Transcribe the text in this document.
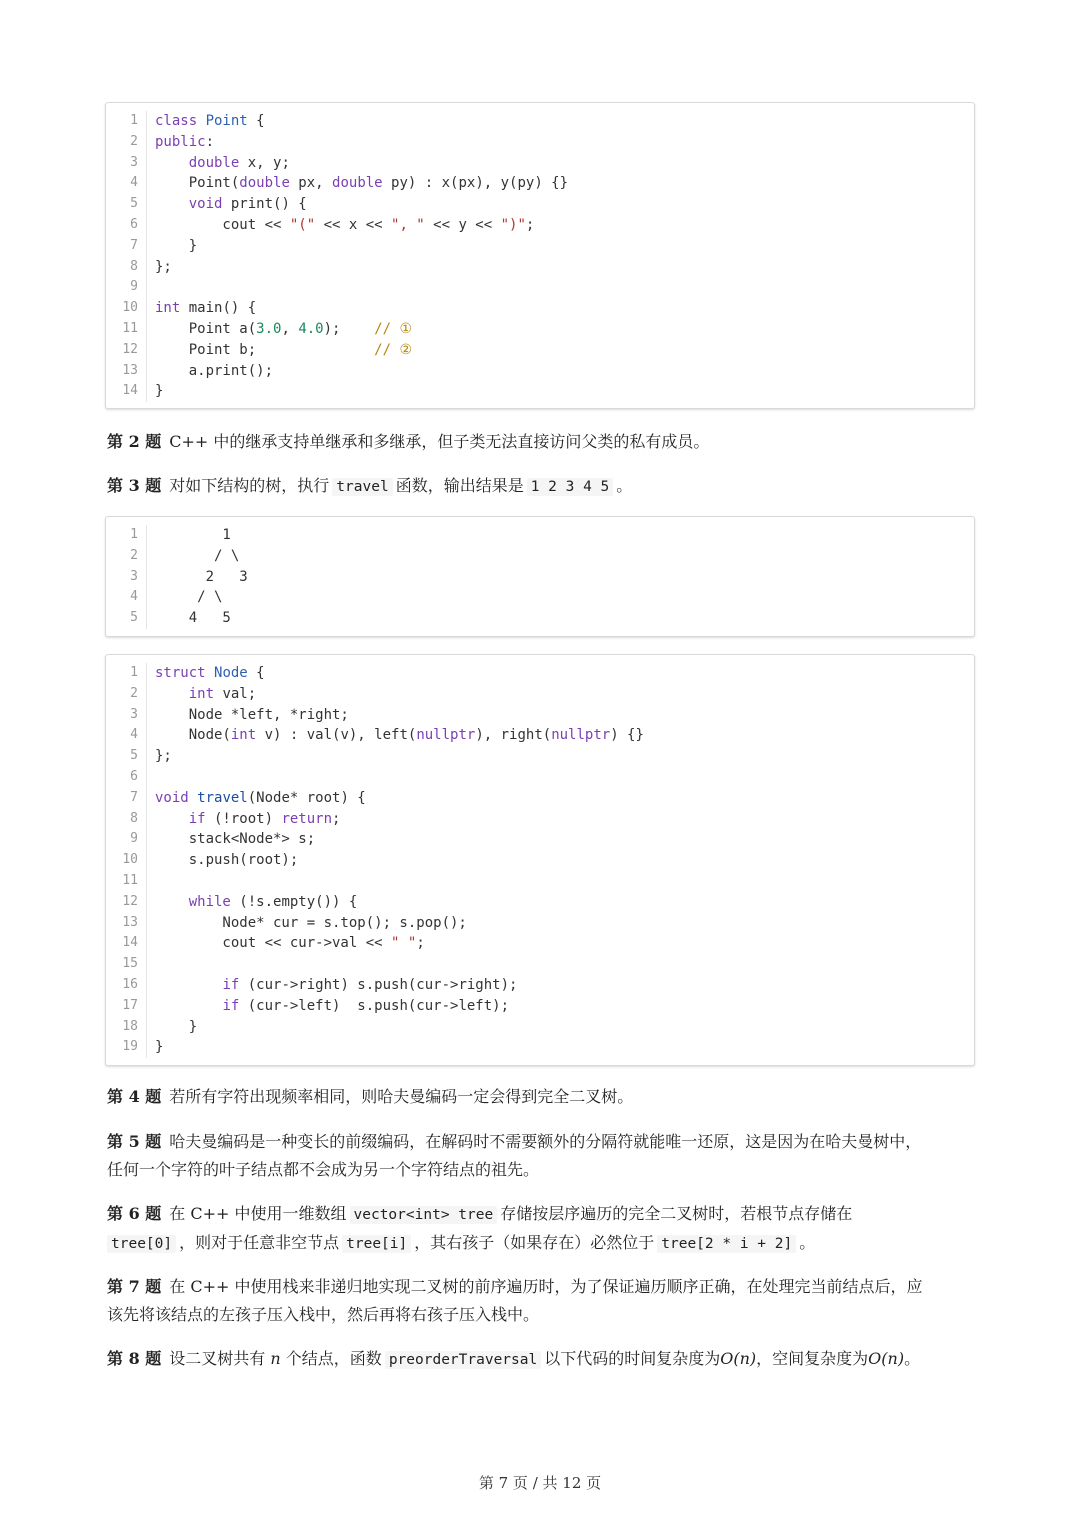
1	class Point {
2	public:
3	double x, y;
4	Point(double px, double py) : x(px), y(py) {}
5	void print() {
6	cout << "(" << x << ", " << y << ")";
7	}
8	};
9
10	int main() {
11	Point a(3.0, 4.0);    // ①
12	Point b;              // ②
13	a.print();
14	}
第 2 题 C++ 中的继承支持单继承和多继承，但子类无法直接访问父类的私有成员。
第 3 题 对如下结构的树，执行 travel 函数，输出结果是 1 2 3 4 5 。
1	1
2	/ \
3	2   3
4	/ \
5	4   5
1	struct Node {
2	int val;
3	Node *left, *right;
4	Node(int v) : val(v), left(nullptr), right(nullptr) {}
5	};
6
7	void travel(Node* root) {
8	if (!root) return;
9	stack<Node*> s;
10	s.push(root);
11
12	while (!s.empty()) {
13	Node* cur = s.top(); s.pop();
14	cout << cur->val << " ";
15
16	if (cur->right) s.push(cur->right);
17	if (cur->left)  s.push(cur->left);
18	}
19	}
第 4 题 若所有字符出现频率相同，则哈夫曼编码一定会得到完全二叉树。
第 5 题 哈夫曼编码是一种变长的前缀编码，在解码时不需要额外的分隔符就能唯一还原，这是因为在哈夫曼树中，
任何一个字符的叶子结点都不会成为另一个字符结点的祖先。
第 6 题 在 C++ 中使用一维数组 vector<int> tree 存储按层序遍历的完全二叉树时，若根节点存储在
tree[0] ，则对于任意非空节点 tree[i] ，其右孩子（如果存在）必然位于 tree[2 * i + 2] 。
第 7 题 在 C++ 中使用栈来非递归地实现二叉树的前序遍历时，为了保证遍历顺序正确，在处理完当前结点后，应
该先将该结点的左孩子压入栈中，然后再将右孩子压入栈中。
第 8 题 设二叉树共有 n 个结点，函数 preorderTraversal 以下代码的时间复杂度为O(n)，空间复杂度为O(n)。
第 7 页 / 共 12 页
